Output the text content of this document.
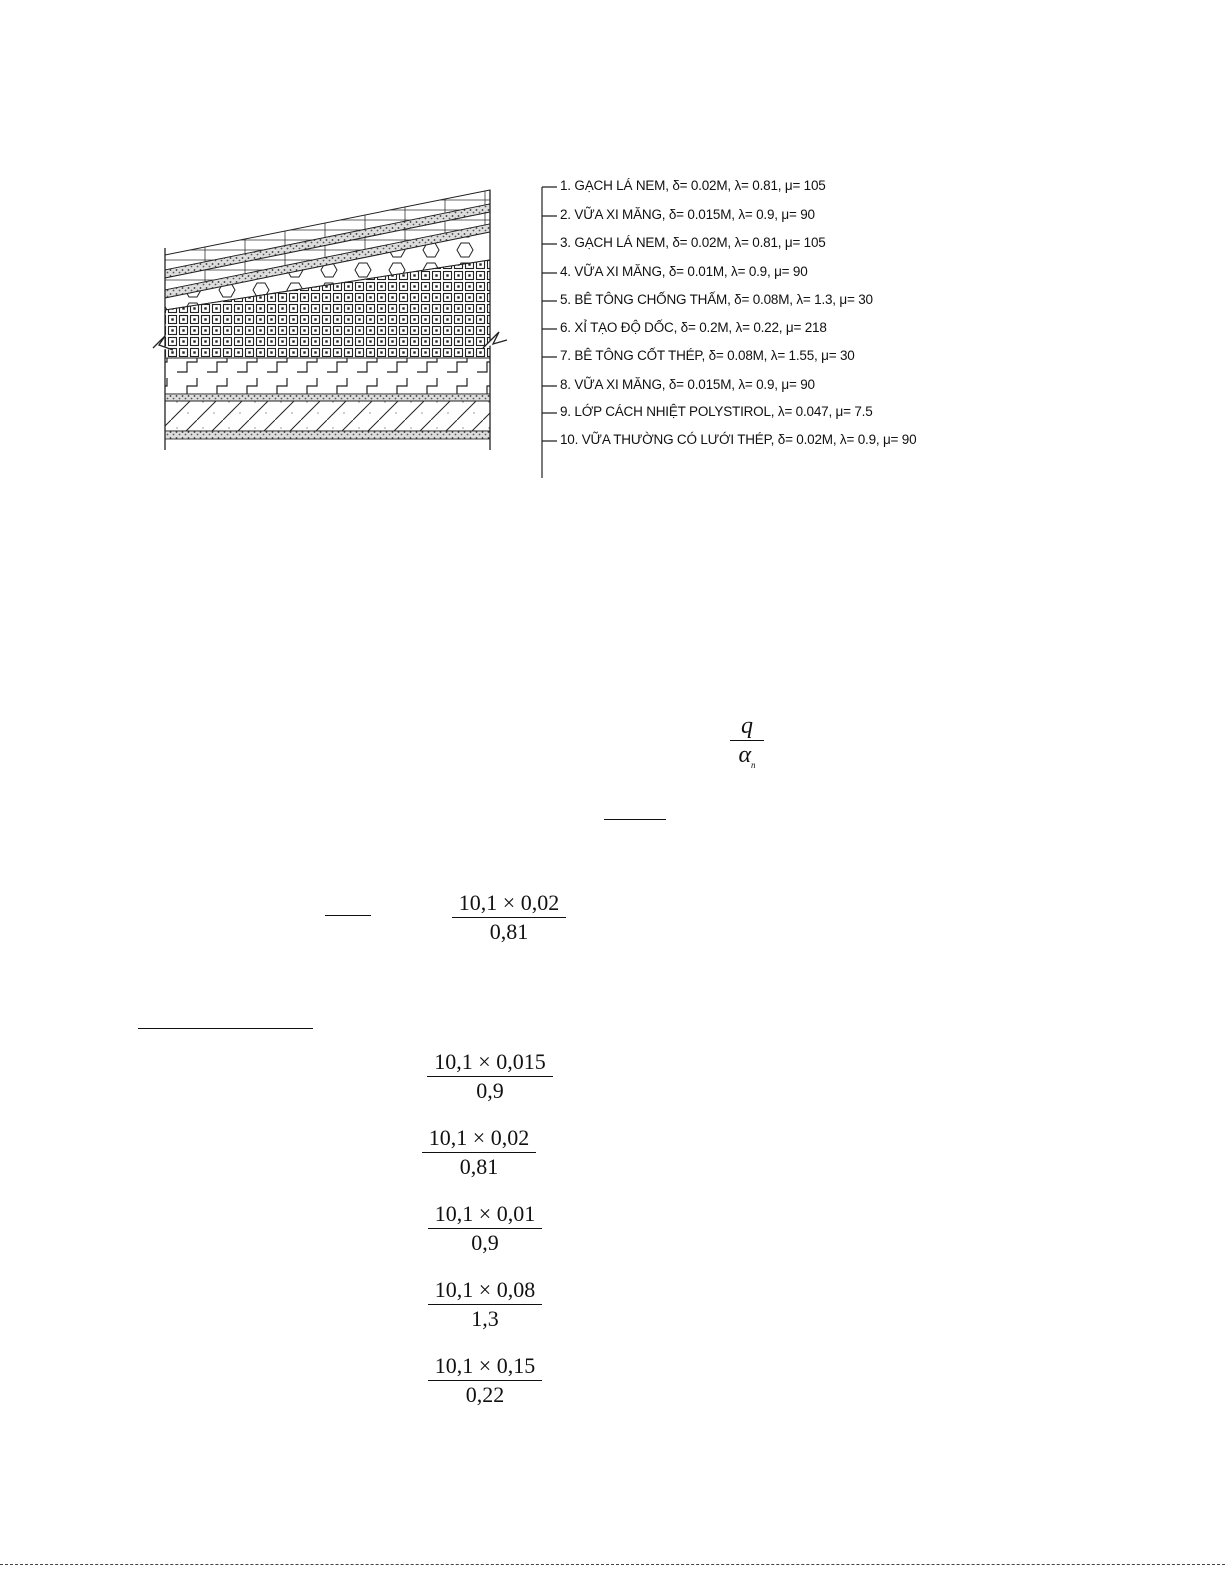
1. GẠCH LÁ NEM, δ= 0.02M, λ= 0.81, μ= 105
2. VỮA XI MĂNG, δ= 0.015M, λ= 0.9, μ= 90
3. GẠCH LÁ NEM, δ= 0.02M, λ= 0.81, μ= 105
4. VỮA XI MĂNG, δ= 0.01M, λ= 0.9, μ= 90
5. BÊ TÔNG CHỐNG THẤM, δ= 0.08M, λ= 1.3, μ= 30
6. XỈ TẠO ĐỘ DỐC, δ= 0.2M, λ= 0.22, μ= 218
7. BÊ TÔNG CỐT THÉP, δ= 0.08M, λ= 1.55, μ= 30
8. VỮA XI MĂNG, δ= 0.015M, λ= 0.9, μ= 90
9. LỚP CÁCH NHIỆT POLYSTIROL, λ= 0.047, μ= 7.5
10. VỮA THƯỜNG CÓ LƯỚI THÉP, δ= 0.02M, λ= 0.9, μ= 90
$\frac{q}{\alpha_n}$
$\frac{10,1 \times 0,02}{0,81}$
$\frac{10,1 \times 0,015}{0,9}$
$\frac{10,1 \times 0,02}{0,81}$
$\frac{10,1 \times 0,01}{0,9}$
$\frac{10,1 \times 0,08}{1,3}$
$\frac{10,1 \times 0,15}{0,22}$
